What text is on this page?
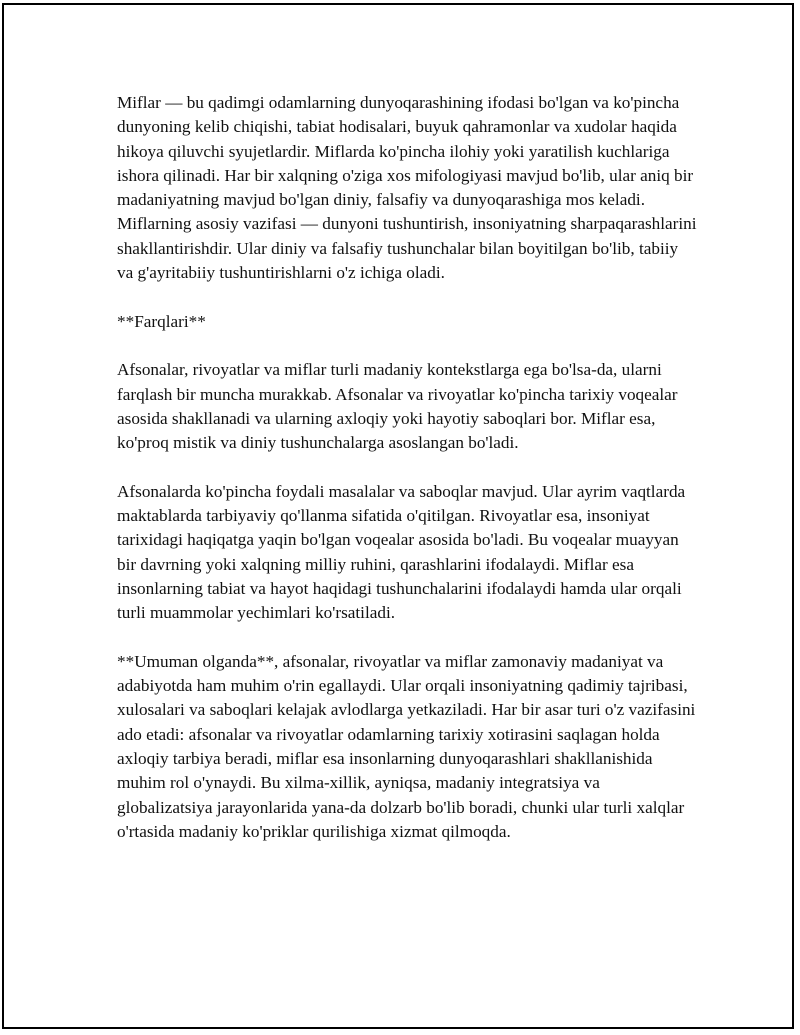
Miflar — bu qadimgi odamlarning dunyoqarashining ifodasi bo'lgan va ko'pincha dunyoning kelib chiqishi, tabiat hodisalari, buyuk qahramonlar va xudolar haqida hikoya qiluvchi syujetlardir. Miflarda ko'pincha ilohiy yoki yaratilish kuchlariga ishora qilinadi. Har bir xalqning o'ziga xos mifologiyasi mavjud bo'lib, ular aniq bir madaniyatning mavjud bo'lgan diniy, falsafiy va dunyoqarashiga mos keladi. Miflarning asosiy vazifasi — dunyoni tushuntirish, insoniyatning sharpaqarashlarini shakllantirishdir. Ular diniy va falsafiy tushunchalar bilan boyitilgan bo'lib, tabiiy va g'ayritabiiy tushuntirishlarni o'z ichiga oladi.

**Farqlari**

Afsonalar, rivoyatlar va miflar turli madaniy kontekstlarga ega bo'lsa-da, ularni farqlash bir muncha murakkab. Afsonalar va rivoyatlar ko'pincha tarixiy voqealar asosida shakllanadi va ularning axloqiy yoki hayotiy saboqlari bor. Miflar esa, ko'proq mistik va diniy tushunchalarga asoslangan bo'ladi.

Afsonalarda ko'pincha foydali masalalar va saboqlar mavjud. Ular ayrim vaqtlarda maktablarda tarbiyaviy qo'llanma sifatida o'qitilgan. Rivoyatlar esa, insoniyat tarixidagi haqiqatga yaqin bo'lgan voqealar asosida bo'ladi. Bu voqealar muayyan bir davrning yoki xalqning milliy ruhini, qarashlarini ifodalaydi. Miflar esa insonlarning tabiat va hayot haqidagi tushunchalarini ifodalaydi hamda ular orqali turli muammolar yechimlari ko'rsatiladi.

**Umuman olganda**, afsonalar, rivoyatlar va miflar zamonaviy madaniyat va adabiyotda ham muhim o'rin egallaydi. Ular orqali insoniyatning qadimiy tajribasi, xulosalari va saboqlari kelajak avlodlarga yetkaziladi. Har bir asar turi o'z vazifasini ado etadi: afsonalar va rivoyatlar odamlarning tarixiy xotirasini saqlagan holda axloqiy tarbiya beradi, miflar esa insonlarning dunyoqarashlari shakllanishida muhim rol o'ynaydi. Bu xilma-xillik, ayniqsa, madaniy integratsiya va globalizatsiya jarayonlarida yana-da dolzarb bo'lib boradi, chunki ular turli xalqlar o'rtasida madaniy ko'priklar qurilishiga xizmat qilmoqda.
